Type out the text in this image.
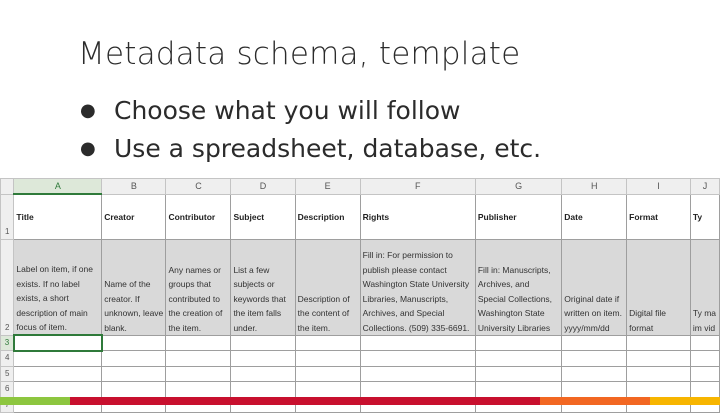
Metadata schema, template
● Choose what you will follow
● Use a spreadsheet, database, etc.
	A	B	C	D	E	F	G	H	I	J
1	Title	Creator	Contributor	Subject	Description	Rights	Publisher	Date	Format	Ty
2	Label on item, if one exists. If no label exists, a short description of main focus of item.	Name of the creator. If unknown, leave blank.	Any names or groups that contributed to the creation of the item.	List a few subjects or keywords that the item falls under.	Description of the content of the item.	Fill in: For permission to publish please contact Washington State University Libraries, Manuscripts, Archives, and Special Collections. (509) 335-6691.	Fill in: Manuscripts, Archives, and Special Collections, Washington State University Libraries	Original date if written on item. yyyy/mm/dd	Digital file format	Ty ma im vid
3										
4										
5										
6										
